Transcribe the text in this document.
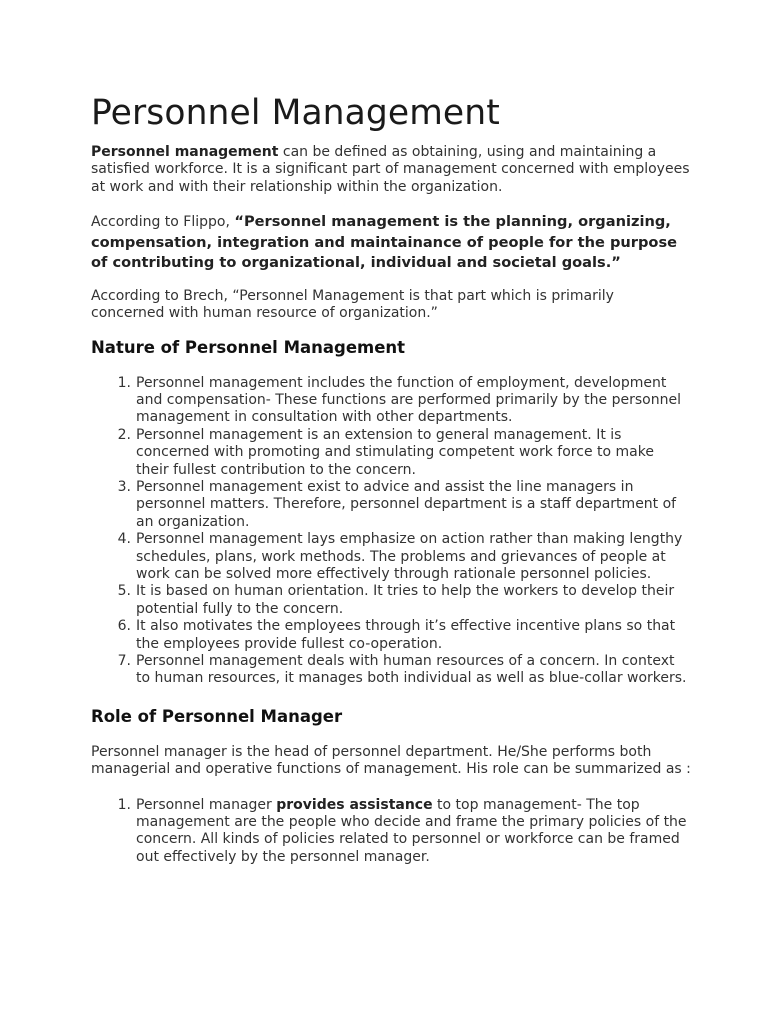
Personnel Management

Personnel management can be defined as obtaining, using and maintaining a satisfied workforce. It is a significant part of management concerned with employees at work and with their relationship within the organization.

According to Flippo, “Personnel management is the planning, organizing, compensation, integration and maintainance of people for the purpose of contributing to organizational, individual and societal goals.”

According to Brech, “Personnel Management is that part which is primarily concerned with human resource of organization.”

Nature of Personnel Management
1. Personnel management includes the function of employment, development and compensation- These functions are performed primarily by the personnel management in consultation with other departments.
2. Personnel management is an extension to general management. It is concerned with promoting and stimulating competent work force to make their fullest contribution to the concern.
3. Personnel management exist to advice and assist the line managers in personnel matters. Therefore, personnel department is a staff department of an organization.
4. Personnel management lays emphasize on action rather than making lengthy schedules, plans, work methods. The problems and grievances of people at work can be solved more effectively through rationale personnel policies.
5. It is based on human orientation. It tries to help the workers to develop their potential fully to the concern.
6. It also motivates the employees through it’s effective incentive plans so that the employees provide fullest co-operation.
7. Personnel management deals with human resources of a concern. In context to human resources, it manages both individual as well as blue-collar workers.
Role of Personnel Manager

Personnel manager is the head of personnel department. He/She performs both managerial and operative functions of management. His role can be summarized as :

1. Personnel manager provides assistance to top management- The top management are the people who decide and frame the primary policies of the concern. All kinds of policies related to personnel or workforce can be framed out effectively by the personnel manager.
